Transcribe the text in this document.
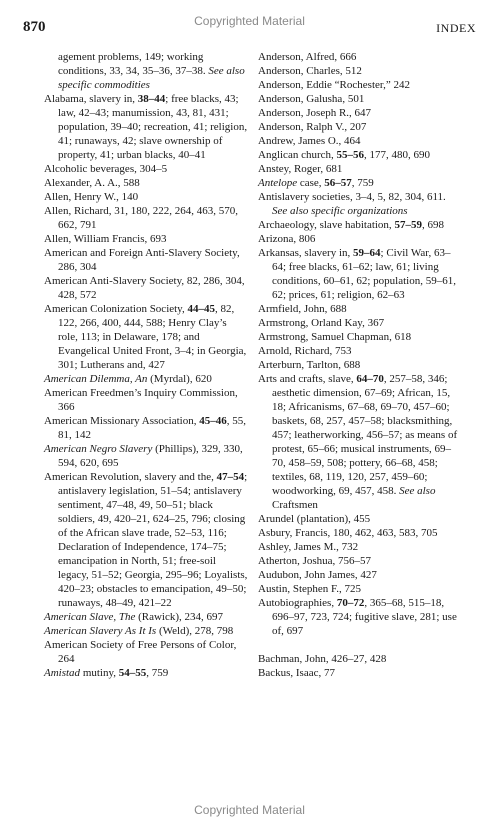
870	Copyrighted Material	INDEX
agement problems, 149; working conditions, 33, 34, 35–36, 37–38. See also specific commodities
Alabama, slavery in, 38–44; free blacks, 43; law, 42–43; manumission, 43, 81, 431; population, 39–40; recreation, 41; religion, 41; runaways, 42; slave ownership of property, 41; urban blacks, 40–41
Alcoholic beverages, 304–5
Alexander, A. A., 588
Allen, Henry W., 140
Allen, Richard, 31, 180, 222, 264, 463, 570, 662, 791
Allen, William Francis, 693
American and Foreign Anti-Slavery Society, 286, 304
American Anti-Slavery Society, 82, 286, 304, 428, 572
American Colonization Society, 44–45, 82, 122, 266, 400, 444, 588; Henry Clay’s role, 113; in Delaware, 178; and Evangelical United Front, 3–4; in Georgia, 301; Lutherans and, 427
American Dilemma, An (Myrdal), 620
American Freedmen’s Inquiry Commission, 366
American Missionary Association, 45–46, 55, 81, 142
American Negro Slavery (Phillips), 329, 330, 594, 620, 695
American Revolution, slavery and the, 47–54; antislavery legislation, 51–54; antislavery sentiment, 47–48, 49, 50–51; black soldiers, 49, 420–21, 624–25, 796; closing of the African slave trade, 52–53, 116; Declaration of Independence, 174–75; emancipation in North, 51; free-soil legacy, 51–52; Georgia, 295–96; Loyalists, 420–23; obstacles to emancipation, 49–50; runaways, 48–49, 421–22
American Slave, The (Rawick), 234, 697
American Slavery As It Is (Weld), 278, 798
American Society of Free Persons of Color, 264
Amistad mutiny, 54–55, 759
Anderson, Alfred, 666
Anderson, Charles, 512
Anderson, Eddie “Rochester,” 242
Anderson, Galusha, 501
Anderson, Joseph R., 647
Anderson, Ralph V., 207
Andrew, James O., 464
Anglican church, 55–56, 177, 480, 690
Anstey, Roger, 681
Antelope case, 56–57, 759
Antislavery societies, 3–4, 5, 82, 304, 611. See also specific organizations
Archaeology, slave habitation, 57–59, 698
Arizona, 806
Arkansas, slavery in, 59–64; Civil War, 63–64; free blacks, 61–62; law, 61; living conditions, 60–61, 62; population, 59–61, 62; prices, 61; religion, 62–63
Armfield, John, 688
Armstrong, Orland Kay, 367
Armstrong, Samuel Chapman, 618
Arnold, Richard, 753
Arterburn, Tarlton, 688
Arts and crafts, slave, 64–70, 257–58, 346; aesthetic dimension, 67–69; African, 15, 18; Africanisms, 67–68, 69–70, 457–60; baskets, 68, 257, 457–58; blacksmithing, 457; leatherworking, 456–57; as means of protest, 65–66; musical instruments, 69–70, 458–59, 508; pottery, 66–68, 458; textiles, 68, 119, 120, 257, 459–60; woodworking, 69, 457, 458. See also Craftsmen
Arundel (plantation), 455
Asbury, Francis, 180, 462, 463, 583, 705
Ashley, James M., 732
Atherton, Joshua, 756–57
Audubon, John James, 427
Austin, Stephen F., 725
Autobiographies, 70–72, 365–68, 515–18, 696–97, 723, 724; fugitive slave, 281; use of, 697
Bachman, John, 426–27, 428
Backus, Isaac, 77
Copyrighted Material
